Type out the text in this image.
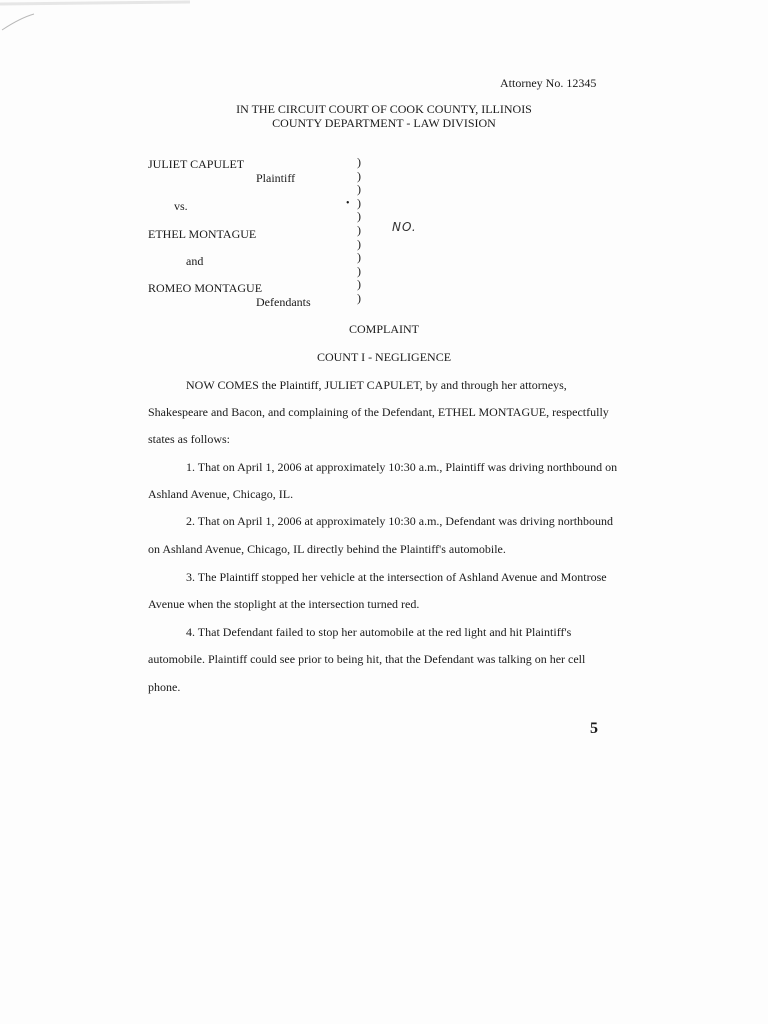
Attorney No. 12345
IN THE CIRCUIT COURT OF COOK COUNTY, ILLINOIS
COUNTY DEPARTMENT - LAW DIVISION
JULIET CAPULET
Plaintiff
vs.
ETHEL MONTAGUE
and
ROMEO MONTAGUE
Defendants
)
)
)
)
)
)
)
)
)
)
)
•
NO.
COMPLAINT
COUNT I - NEGLIGENCE
NOW COMES the Plaintiff, JULIET CAPULET, by and through her attorneys,
Shakespeare and Bacon, and complaining of the Defendant, ETHEL MONTAGUE, respectfully
states as follows:
1. That on April 1, 2006 at approximately 10:30 a.m., Plaintiff was driving northbound on
Ashland Avenue, Chicago, IL.
2. That on April 1, 2006 at approximately 10:30 a.m., Defendant was driving northbound
on Ashland Avenue, Chicago, IL directly behind the Plaintiff's automobile.
3. The Plaintiff stopped her vehicle at the intersection of Ashland Avenue and Montrose
Avenue when the stoplight at the intersection turned red.
4. That Defendant failed to stop her automobile at the red light and hit Plaintiff's
automobile. Plaintiff could see prior to being hit, that the Defendant was talking on her cell
phone.
5
